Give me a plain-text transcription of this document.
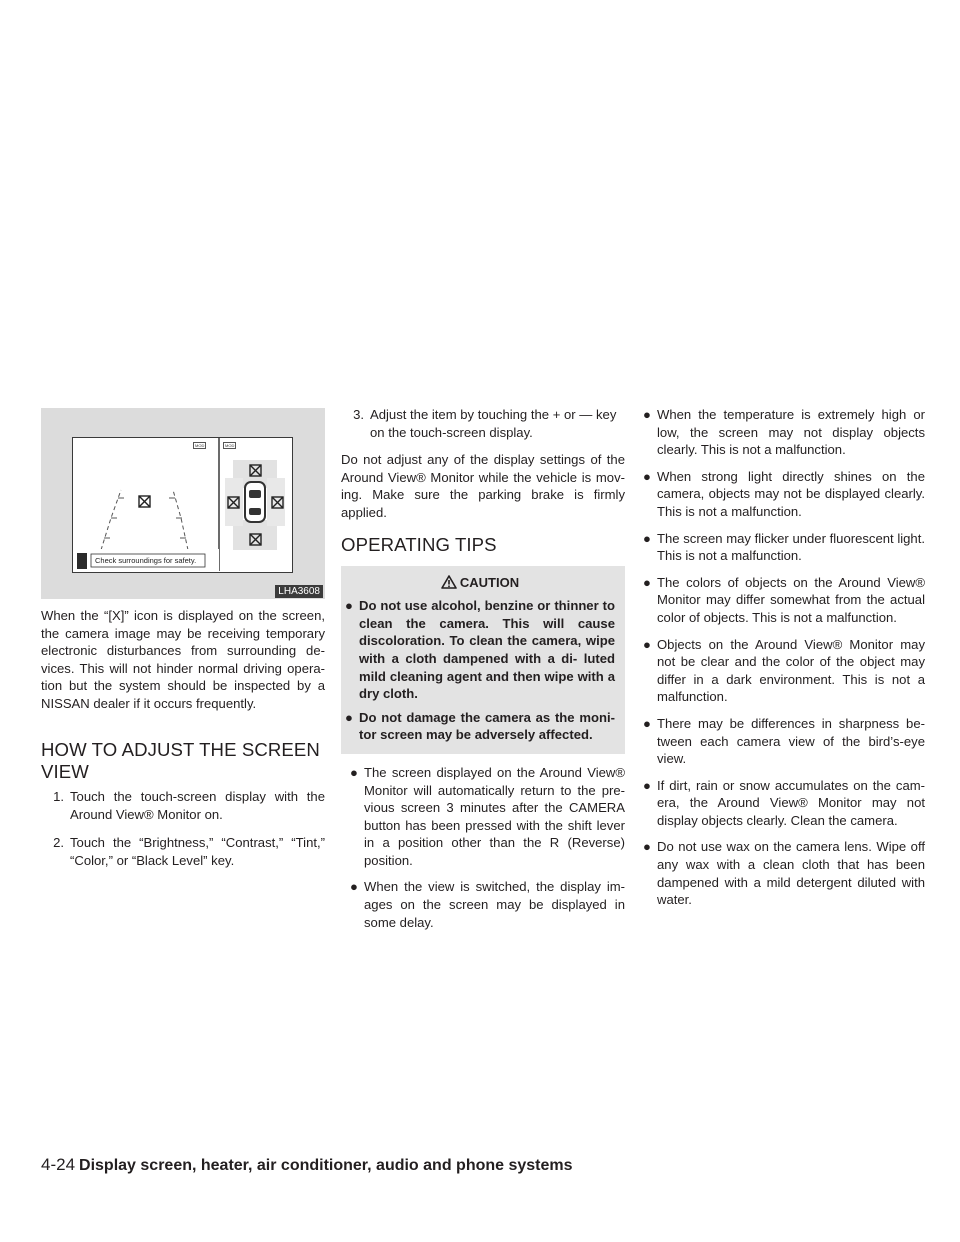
MOD	MOD
Check surroundings for safety.
LHA3608

When the “[X]” icon is displayed on the screen, the camera image may be receiving temporary electronic disturbances from surrounding de- vices. This will not hinder normal driving opera- tion but the system should be inspected by a NISSAN dealer if it occurs frequently.

HOW TO ADJUST THE SCREEN VIEW
1. Touch the touch-screen display with the Around View® Monitor on.
2. Touch the “Brightness,” “Contrast,” “Tint,” “Color,” or “Black Level” key.
3. Adjust the item by touching the + or — key on the touch-screen display.

Do not adjust any of the display settings of the Around View® Monitor while the vehicle is mov- ing. Make sure the parking brake is firmly applied.

OPERATING TIPS
CAUTION
● Do not use alcohol, benzine or thinner to clean the camera. This will cause discoloration. To clean the camera, wipe with a cloth dampened with a di- luted mild cleaning agent and then wipe with a dry cloth.
● Do not damage the camera as the moni- tor screen may be adversely affected.
● The screen displayed on the Around View® Monitor will automatically return to the pre- vious screen 3 minutes after the CAMERA button has been pressed with the shift lever in a position other than the R (Reverse) position.
● When the view is switched, the display im- ages on the screen may be displayed in some delay.
● When the temperature is extremely high or low, the screen may not display objects clearly. This is not a malfunction.
● When strong light directly shines on the camera, objects may not be displayed clearly. This is not a malfunction.
● The screen may flicker under fluorescent light. This is not a malfunction.
● The colors of objects on the Around View® Monitor may differ somewhat from the actual color of objects. This is not a malfunction.
● Objects on the Around View® Monitor may not be clear and the color of the object may differ in a dark environment. This is not a malfunction.
● There may be differences in sharpness be- tween each camera view of the bird’s-eye view.
● If dirt, rain or snow accumulates on the cam- era, the Around View® Monitor may not display objects clearly. Clean the camera.
● Do not use wax on the camera lens. Wipe off any wax with a clean cloth that has been dampened with a mild detergent diluted with water.
4-24 Display screen, heater, air conditioner, audio and phone systems
